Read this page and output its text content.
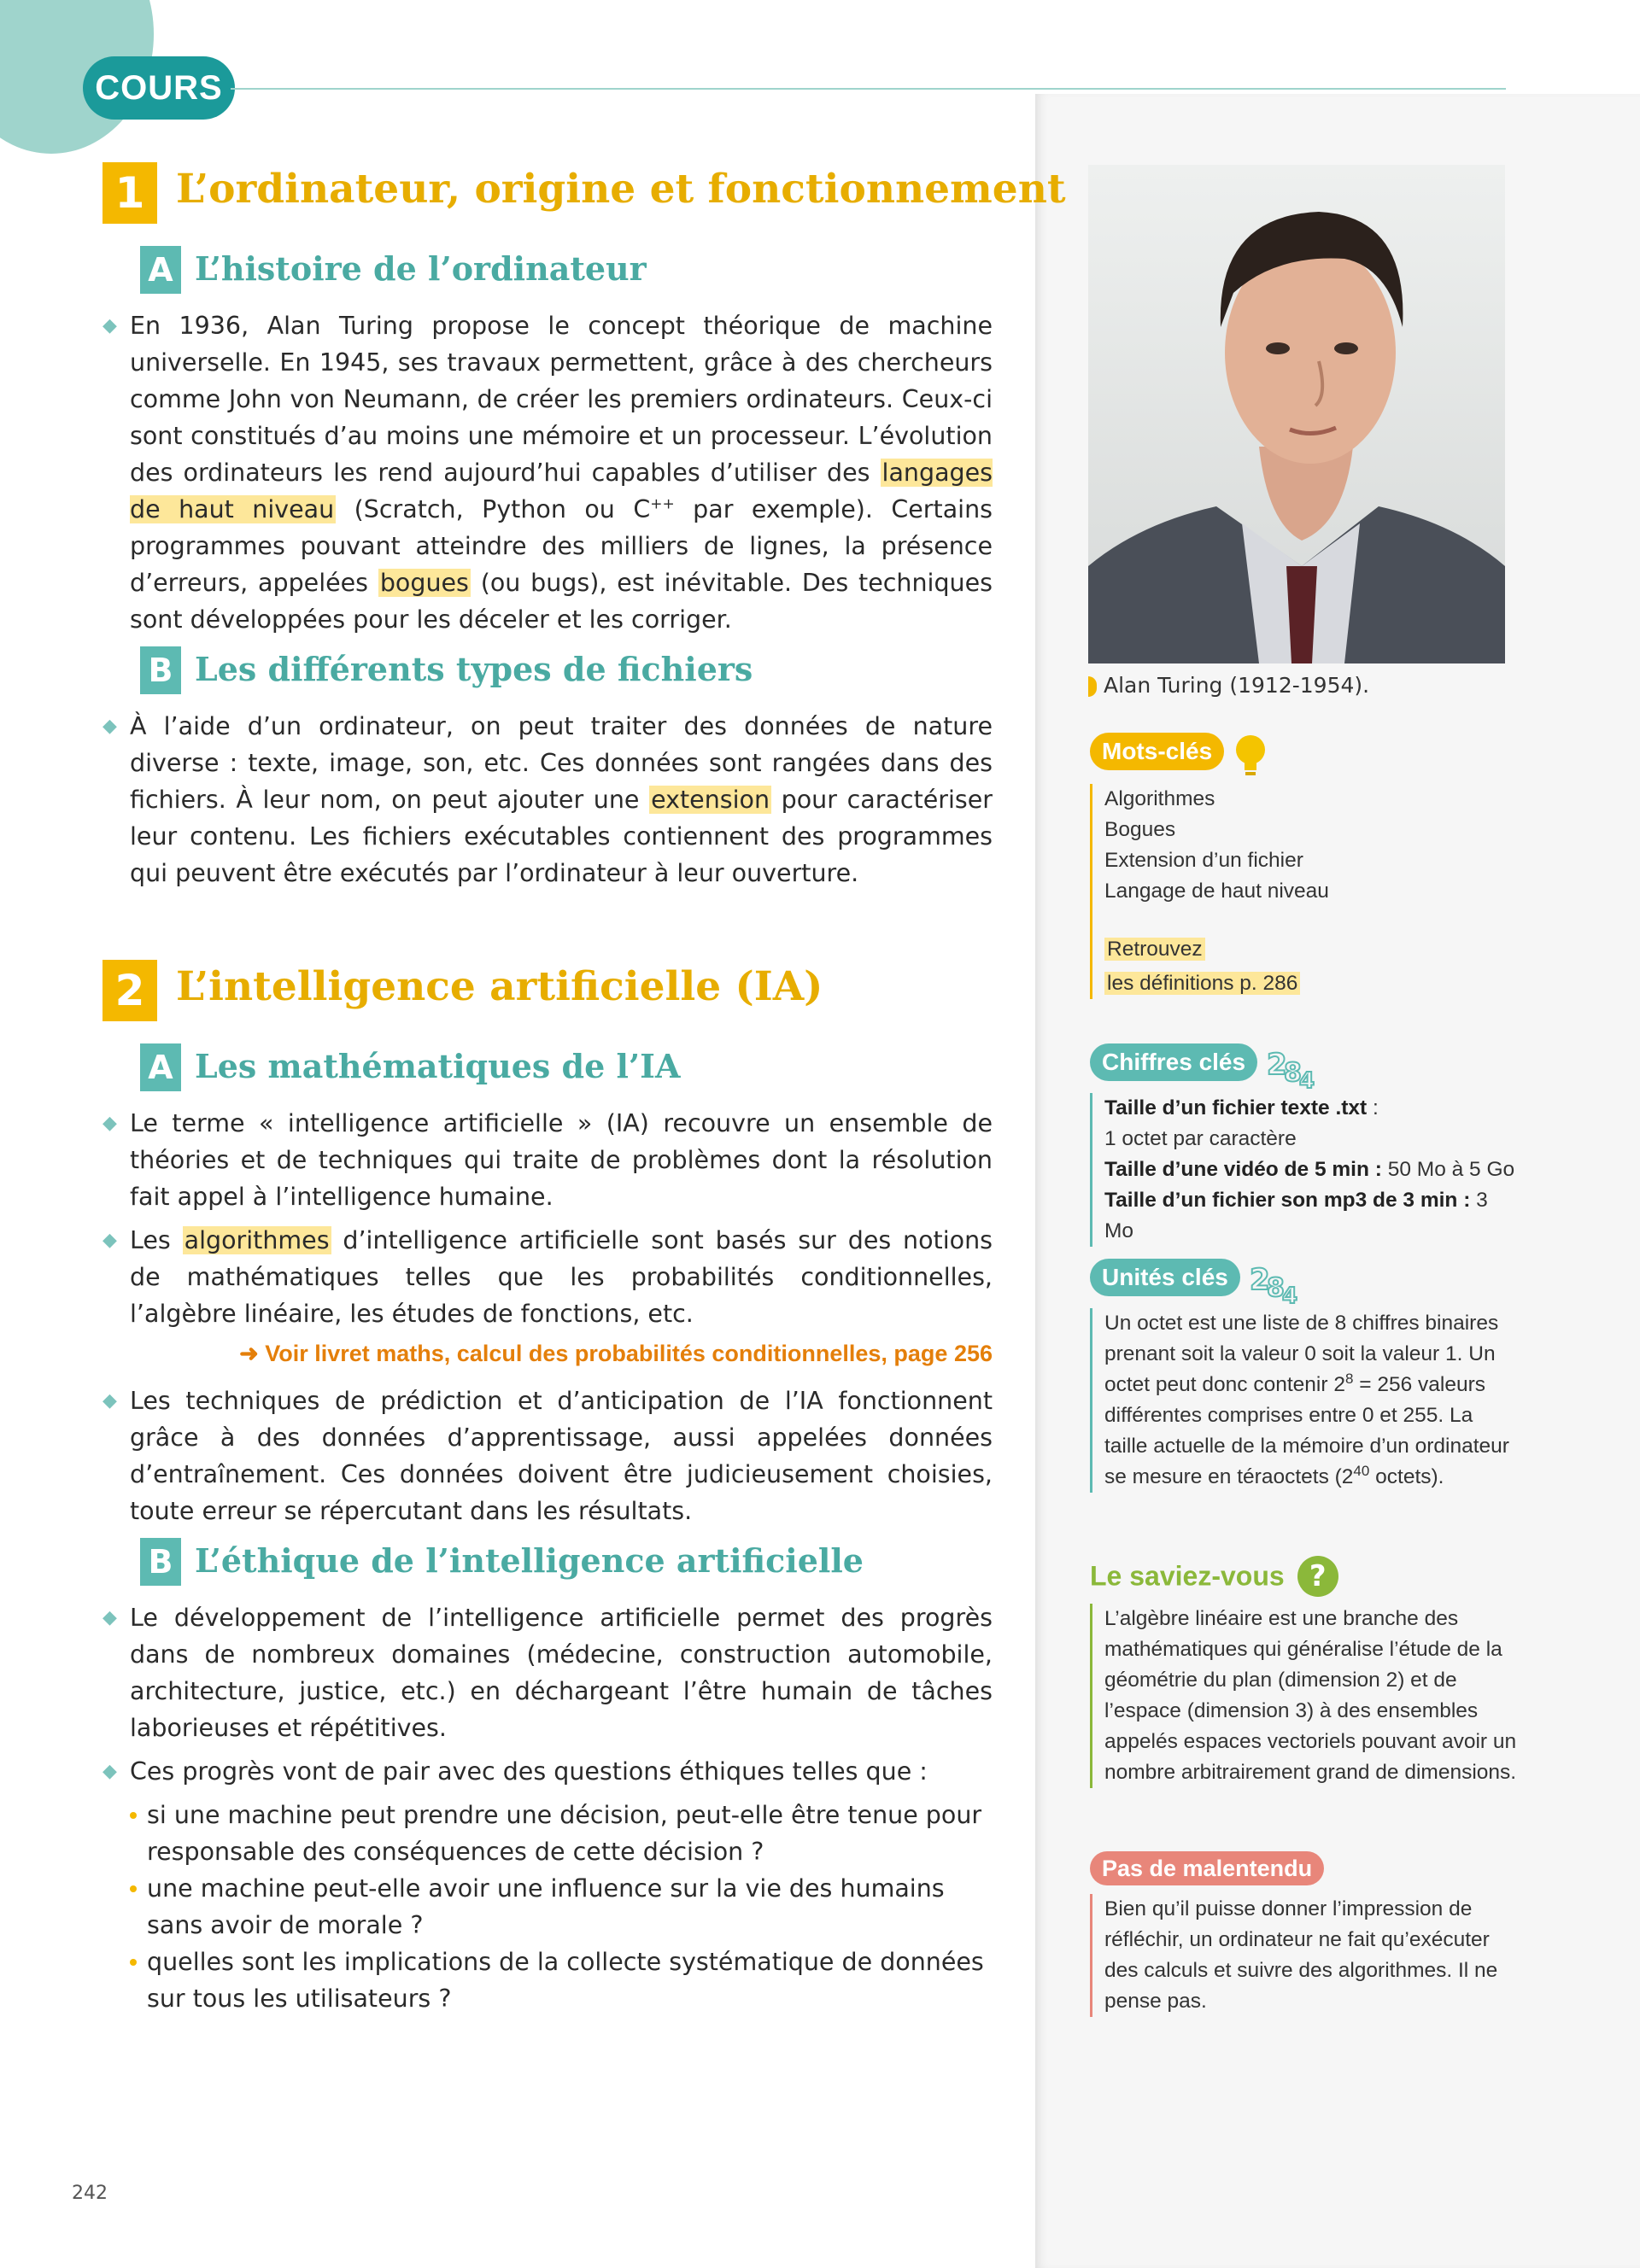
COURS
1 L’ordinateur, origine et fonctionnement
A L’histoire de l’ordinateur

◆ En 1936, Alan Turing propose le concept théorique de machine universelle. En 1945, ses travaux permettent, grâce à des chercheurs comme John von Neumann, de créer les premiers ordinateurs. Ceux-ci sont constitués d’au moins une mémoire et un processeur. L’évolution des ordinateurs les rend aujourd’hui capables d’utiliser des langages de haut niveau (Scratch, Python ou C++ par exemple). Certains programmes pouvant atteindre des milliers de lignes, la présence d’erreurs, appelées bogues (ou bugs), est inévitable. Des techniques sont développées pour les déceler et les corriger.

B Les différents types de fichiers

◆ À l’aide d’un ordinateur, on peut traiter des données de nature diverse : texte, image, son, etc. Ces données sont rangées dans des fichiers. À leur nom, on peut ajouter une extension pour caractériser leur contenu. Les fichiers exécutables contiennent des programmes qui peuvent être exécutés par l’ordinateur à leur ouverture.

2 L’intelligence artificielle (IA)
A Les mathématiques de l’IA

◆ Le terme « intelligence artificielle » (IA) recouvre un ensemble de théories et de techniques qui traite de problèmes dont la résolution fait appel à l’intelligence humaine.

◆ Les algorithmes d’intelligence artificielle sont basés sur des notions de mathématiques telles que les probabilités conditionnelles, l’algèbre linéaire, les études de fonctions, etc.

➜ Voir livret maths, calcul des probabilités conditionnelles, page 256

◆ Les techniques de prédiction et d’anticipation de l’IA fonctionnent grâce à des données d’apprentissage, aussi appelées données d’entraînement. Ces données doivent être judicieusement choisies, toute erreur se répercutant dans les résultats.

B L’éthique de l’intelligence artificielle

◆ Le développement de l’intelligence artificielle permet des progrès dans de nombreux domaines (médecine, construction automobile, architecture, justice, etc.) en déchargeant l’être humain de tâches laborieuses et répétitives.

◆ Ces progrès vont de pair avec des questions éthiques telles que :

si une machine peut prendre une décision, peut-elle être tenue pour responsable des conséquences de cette décision ?
une machine peut-elle avoir une influence sur la vie des humains sans avoir de morale ?
quelles sont les implications de la collecte systématique de données sur tous les utilisateurs ?
242
Alan Turing (1912-1954).
Mots-clés
Algorithmes
Bogues
Extension d’un fichier
Langage de haut niveau
Retrouvez
les définitions p. 286
Chiffres clés 2
8
4
Taille d’un fichier texte .txt :
1 octet par caractère
Taille d’une vidéo de 5 min : 50 Mo à 5 Go
Taille d’un fichier son mp3 de 3 min : 3 Mo
Unités clés 2
8
4
Un octet est une liste de 8 chiffres binaires prenant soit la valeur 0 soit la valeur 1. Un octet peut donc contenir $2^8 = 256$ valeurs différentes comprises entre 0 et 255. La taille actuelle de la mémoire d’un ordinateur se mesure en téraoctets ($2^{40}$ octets).
Le saviez-vous ?
L’algèbre linéaire est une branche des mathématiques qui généralise l’étude de la géométrie du plan (dimension 2) et de l’espace (dimension 3) à des ensembles appelés espaces vectoriels pouvant avoir un nombre arbitrairement grand de dimensions.
Pas de malentendu
Bien qu’il puisse donner l’impression de réfléchir, un ordinateur ne fait qu’exécuter des calculs et suivre des algorithmes. Il ne pense pas.
